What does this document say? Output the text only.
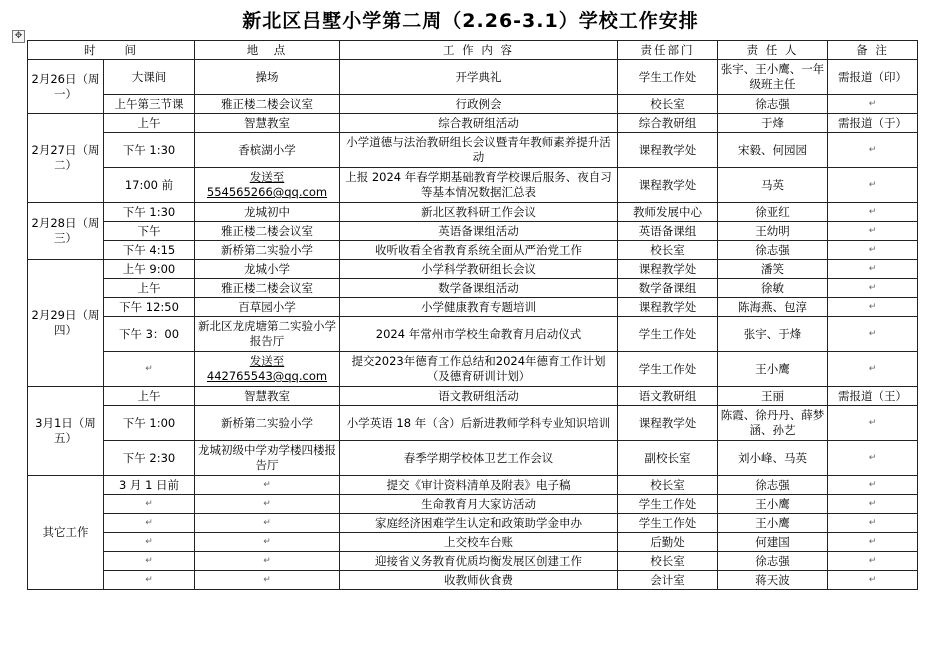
新北区吕墅小学第二周（2.26-3.1）学校工作安排
✥
时　　间		地　点	工 作 内 容	责任部门	责 任 人	备 注
2月26日（周一）	大课间	操场	开学典礼	学生工作处	张宇、王小鹰、一年级班主任	需报道（印）
	上午第三节课	雅正楼二楼会议室	行政例会	校长室	徐志强	↵
2月27日（周二）	上午	智慧教室	综合教研组活动	综合教研组	于烽	需报道（于）
	下午 1:30	香槟湖小学	小学道德与法治教研组长会议暨青年教师素养提升活动	课程教学处	宋毅、何园园	↵
	17:00 前	发送至 554565266@qq.com	上报 2024 年春学期基础教育学校课后服务、夜自习等基本情况数据汇总表	课程教学处	马英	↵
2月28日（周三）	下午 1:30	龙城初中	新北区教科研工作会议	教师发展中心	徐亚红	↵
	下午	雅正楼二楼会议室	英语备课组活动	英语备课组	王幼明	↵
	下午 4:15	新桥第二实验小学	收听收看全省教育系统全面从严治党工作	校长室	徐志强	↵
2月29日（周四）	上午 9:00	龙城小学	小学科学教研组长会议	课程教学处	潘笑	↵
	上午	雅正楼二楼会议室	数学备课组活动	数学备课组	徐敏	↵
	下午 12:50	百草园小学	小学健康教育专题培训	课程教学处	陈海燕、包淳	↵
	下午 3：00	新北区龙虎塘第二实验小学报告厅	2024 年常州市学校生命教育月启动仪式	学生工作处	张宇、于烽	↵
	↵	发送至 442765543@qq.com	提交2023年德育工作总结和2024年德育工作计划（及德育研训计划）	学生工作处	王小鹰	↵
3月1日（周五）	上午	智慧教室	语文教研组活动	语文教研组	王丽	需报道（王）
	下午 1:00	新桥第二实验小学	小学英语 18 年（含）后新进教师学科专业知识培训	课程教学处	陈霞、徐丹丹、薛梦涵、孙艺	↵
	下午 2:30	龙城初级中学劝学楼四楼报告厅	春季学期学校体卫艺工作会议	副校长室	刘小峰、马英	↵
其它工作	3 月 1 日前	↵	提交《审计资料清单及附表》电子稿	校长室	徐志强	↵
	↵	↵	生命教育月大家访活动	学生工作处	王小鹰	↵
	↵	↵	家庭经济困难学生认定和政策助学金申办	学生工作处	王小鹰	↵
	↵	↵	上交校车台账	后勤处	何建国	↵
	↵	↵	迎接省义务教育优质均衡发展区创建工作	校长室	徐志强	↵
	↵	↵	收教师伙食费	会计室	蒋天波	↵
